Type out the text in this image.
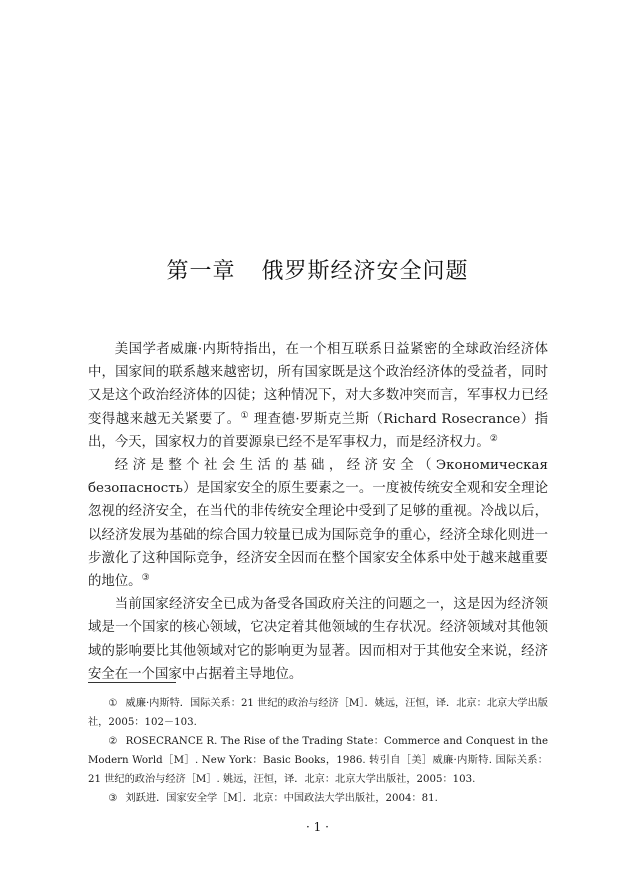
第一章 俄罗斯经济安全问题

美国学者威廉·内斯特指出，在一个相互联系日益紧密的全球政治经济体中，国家间的联系越来越密切，所有国家既是这个政治经济体的受益者，同时又是这个政治经济体的囚徒；这种情况下，对大多数冲突而言，军事权力已经变得越来越无关紧要了。① 理查德·罗斯克兰斯（Richard Rosecrance）指出，今天，国家权力的首要源泉已经不是军事权力，而是经济权力。②

经济是整个社会生活的基础，经济安全（Экономическая безопасность）是国家安全的原生要素之一。一度被传统安全观和安全理论忽视的经济安全，在当代的非传统安全理论中受到了足够的重视。冷战以后，以经济发展为基础的综合国力较量已成为国际竞争的重心，经济全球化则进一步激化了这种国际竞争，经济安全因而在整个国家安全体系中处于越来越重要的地位。③

当前国家经济安全已成为备受各国政府关注的问题之一，这是因为经济领域是一个国家的核心领域，它决定着其他领域的生存状况。经济领域对其他领域的影响要比其他领域对它的影响更为显著。因而相对于其他安全来说，经济安全在一个国家中占据着主导地位。

① 威廉·内斯特．国际关系：21 世纪的政治与经济［M］．姚远，汪恒，译．北京：北京大学出版社，2005：102－103.

② ROSECRANCE R. The Rise of the Trading State：Commerce and Conquest in the Modern World［M］. New York：Basic Books，1986. 转引自［美］威廉·内斯特. 国际关系：21 世纪的政治与经济［M］. 姚远，汪恒，译．北京：北京大学出版社，2005：103.

③ 刘跃进．国家安全学［M］．北京：中国政法大学出版社，2004：81.

· 1 ·
